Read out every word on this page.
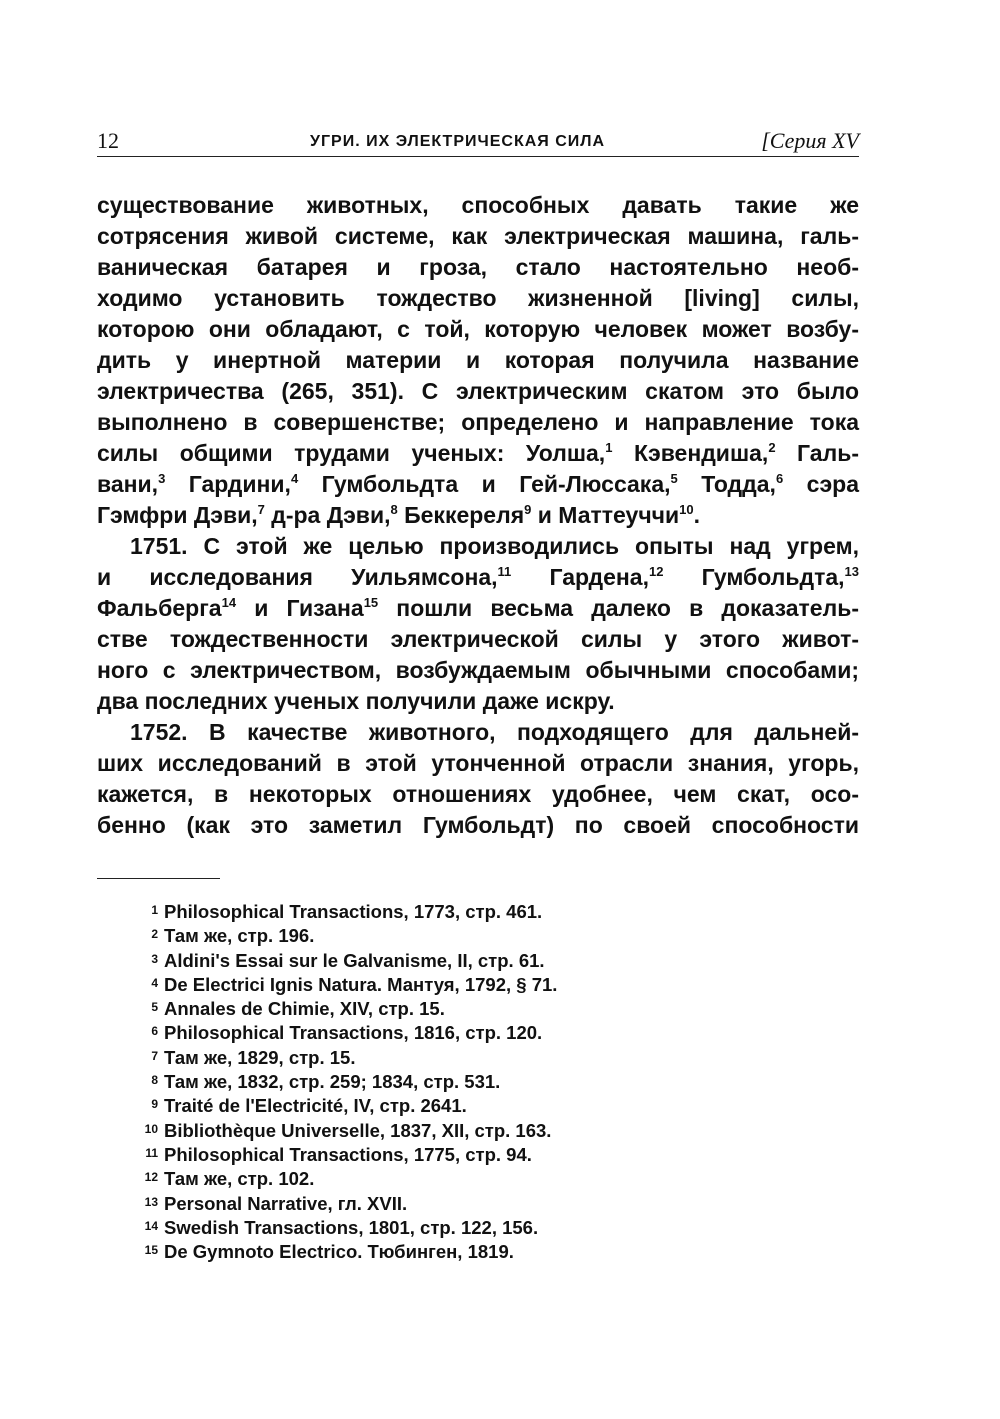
12	УГРИ. ИХ ЭЛЕКТРИЧЕСКАЯ СИЛА	[Серия XV
существование животных, способных давать такие же
сотрясения живой системе, как электрическая машина, галь-
ваническая батарея и гроза, стало настоятельно необ-
ходимо установить тождество жизненной [living] силы,
которою они обладают, с той, которую человек может возбу-
дить у инертной материи и которая получила название
электричества (265, 351). С электрическим скатом это было
выполнено в совершенстве; определено и направление тока
силы общими трудами ученых: Уолша,$^1$ Кэвендиша,$^2$ Галь-
вани,$^3$ Гардини,$^4$ Гумбольдта и Гей-Люссака,$^5$ Тодда,$^6$ сэра
Гэмфри Дэви,$^7$ д-ра Дэви,$^8$ Беккереля$^9$ и Маттеуччи$^{10}$.
1751. С этой же целью производились опыты над угрем,
и исследования Уильямсона,$^{11}$ Гардена,$^{12}$ Гумбольдта,$^{13}$
Фальберга$^{14}$ и Гизана$^{15}$ пошли весьма далеко в доказатель-
стве тождественности электрической силы у этого живот-
ного с электричеством, возбуждаемым обычными способами;
два последних ученых получили даже искру.
1752. В качестве животного, подходящего для дальней-
ших исследований в этой утонченной отрасли знания, угорь,
кажется, в некоторых отношениях удобнее, чем скат, осо-
бенно (как это заметил Гумбольдт) по своей способности
1 Philosophical Transactions, 1773, стр. 461.
2 Там же, стр. 196.
3 Aldini's Essai sur le Galvanisme, II, стр. 61.
4 De Electrici Ignis Natura. Мантуя, 1792, § 71.
5 Annales de Chimie, XIV, стр. 15.
6 Philosophical Transactions, 1816, стр. 120.
7 Там же, 1829, стр. 15.
8 Там же, 1832, стр. 259; 1834, стр. 531.
9 Traité de l'Electricité, IV, стр. 2641.
10 Bibliothèque Universelle, 1837, XII, стр. 163.
11 Philosophical Transactions, 1775, стр. 94.
12 Там же, стр. 102.
13 Personal Narrative, гл. XVII.
14 Swedish Transactions, 1801, стр. 122, 156.
15 De Gymnoto Electrico. Тюбинген, 1819.
